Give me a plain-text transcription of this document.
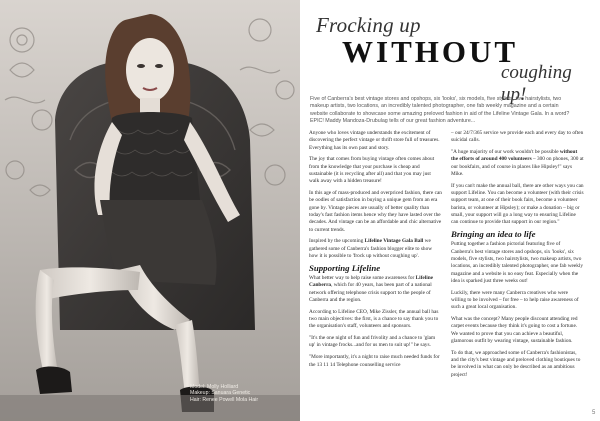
Model: Molly Holliard
Makeup: Sanuara Genetic
Hair: Renee Powell Mola Hair
Frocking up
WITHOUT
coughing up!
Five of Canberra's best vintage stores and opshops, six 'looks', six models, five stylists, two hairstylists, two makeup artists, two locations, an incredibly talented photographer, one fab weekly magazine and a certain website collaborate to showcase some amazing preloved fashion in aid of the Lifeline Vintage Gala. In a word? EPIC! Maddy Mandoza-Drubulag tells of our great fashion adventure...

Anyone who loves vintage understands the excitement of discovering the perfect vintage or thrift store full of treasures. Everything has its own past and story.

The joy that comes from buying vintage often comes about from the knowledge that your purchase is cheap and sustainable (it is recycling after all) and that you may just walk away with a hidden treasure!

In this age of mass-produced and overpriced fashion, there can be oodles of satisfaction in buying a unique gem from an era gone by. Vintage pieces are usually of better quality than today's fast fashion items hence why they have lasted over the decades. And vintage can be an affordable and chic alternative to current trends.

Inspired by the upcoming Lifeline Vintage Gala Ball we gathered some of Canberra's fashion blogger elite to show how it is possible to 'frock up without coughing up'.

Supporting Lifeline

What better way to help raise some awareness for Lifeline Canberra, which for 40 years, has been part of a national network offering telephone crisis support to the people of Canberra and the region.

According to Lifeline CEO, Mike Zissler, the annual ball has two main objectives: the first, is a chance to say thank you to the organisation's staff, volunteers and sponsors.

"It's the one night of fun and frivolity and a chance to 'glam up' in vintage frocks...and for us men to suit up!" he says.

"More importantly, it's a night to raise much needed funds for the 13 11 14 Telephone counselling service

– our 24/7/365 service we provide each and every day to often suicidal calls.

"A huge majority of our work wouldn't be possible without the efforts of around 400 volunteers – 300 on phones, 300 at our bookfairs, and of course in places like Hipsley!" says Mike.

If you can't make the annual ball, there are other ways you can support Lifeline. You can become a volunteer (with their crisis support team, at one of their book fairs, become a volunteer barista, or volunteer at Hipsley); or make a donation – big or small, your support will go a long way to ensuring Lifeline can continue to provide that support in our region."

Bringing an idea to life

Putting together a fashion pictorial featuring five of Canberra's best vintage stores and opshops, six 'looks', six models, five stylists, two hairstylists, two makeup artists, two locations, an incredibly talented photographer, one fab weekly magazine and a website is no easy feat. Especially when the idea is sparked just three weeks out!

Luckily, there were many Canberra creatives who were willing to be involved – for free – to help raise awareness of such a great local organisation.

What was the concept? Many people discount attending red carpet events because they think it's going to cost a fortune. We wanted to prove that you can achieve a beautiful, glamorous outfit by wearing vintage, sustainable fashion.

To do that, we approached some of Canberra's fashionistas, and the city's best vintage and preloved clothing boutiques to be involved in what can only be described as an ambitious project!

5
